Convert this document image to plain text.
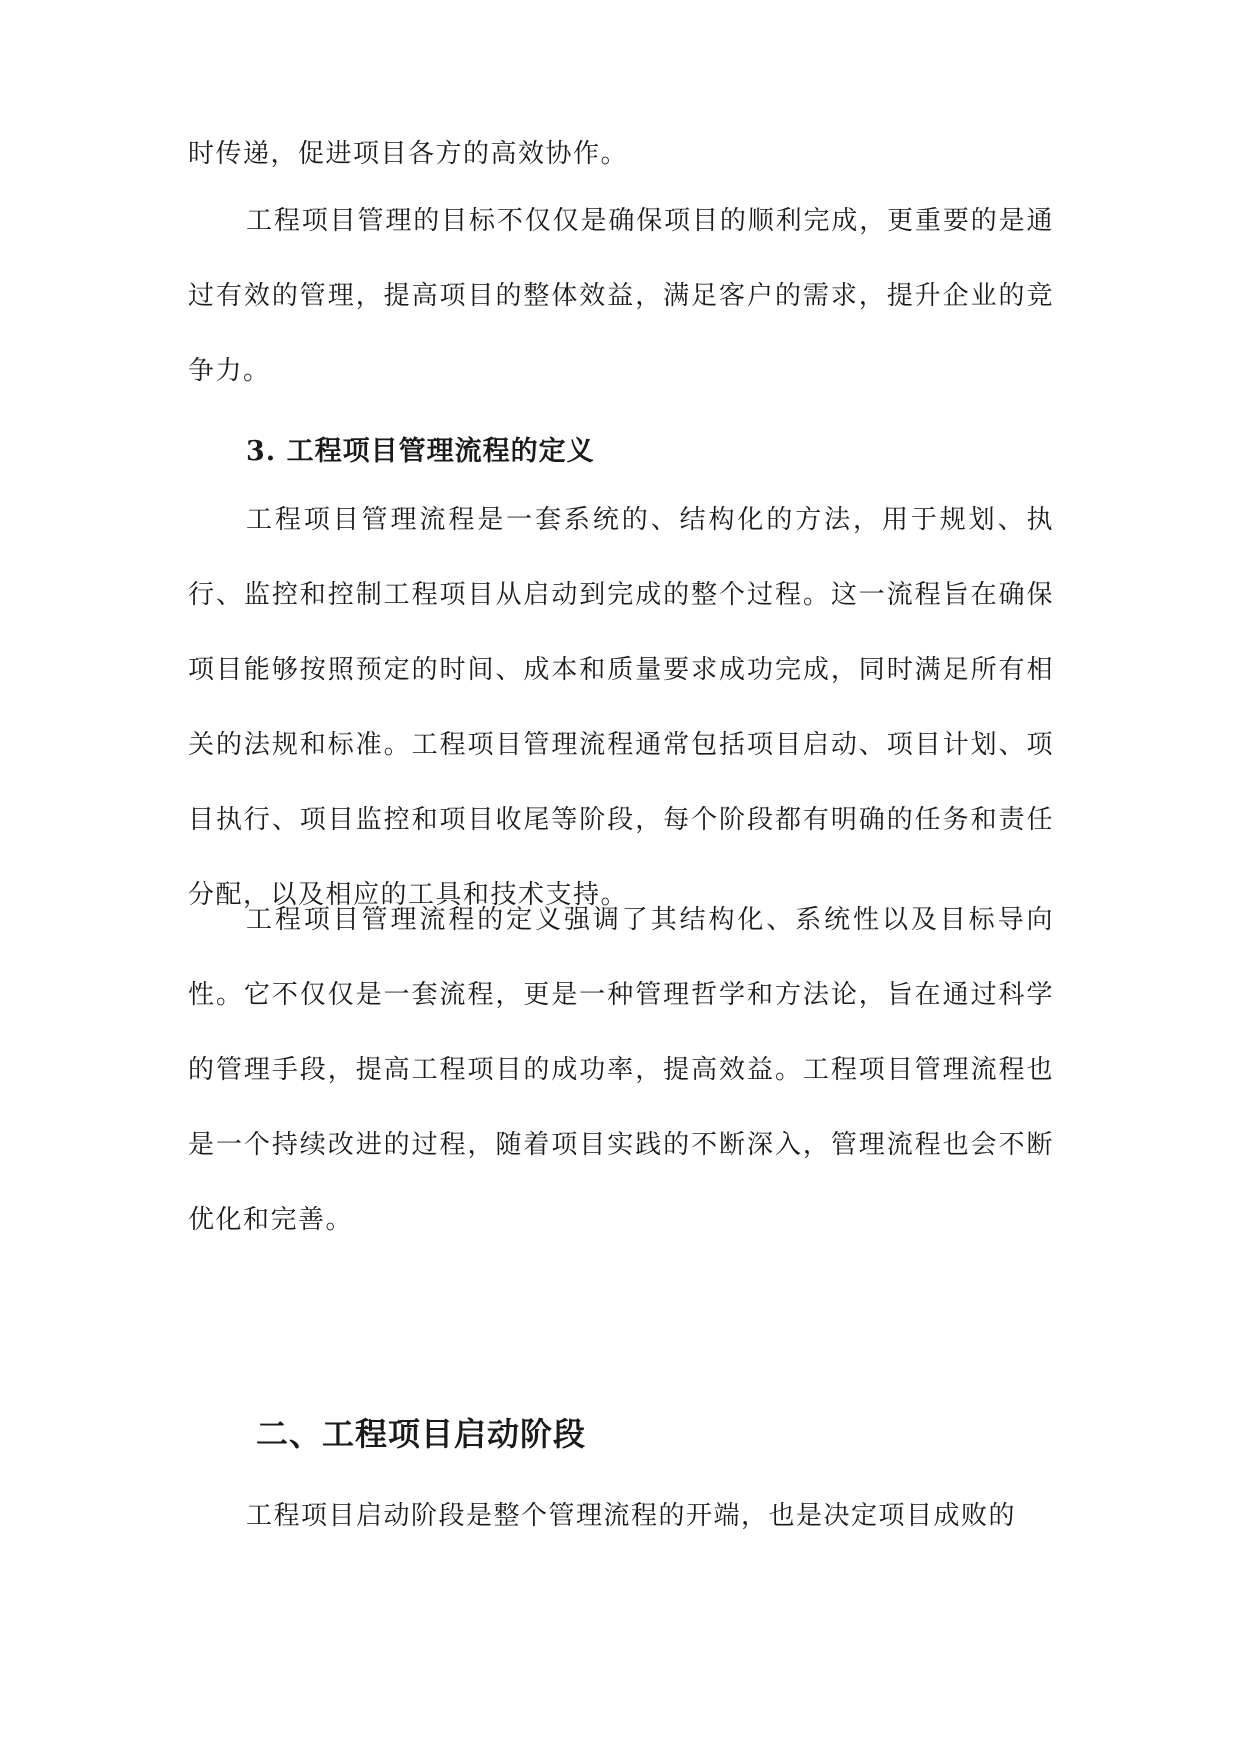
时传递，促进项目各方的高效协作。

工程项目管理的目标不仅仅是确保项目的顺利完成，更重要的是通过有效的管理，提高项目的整体效益，满足客户的需求，提升企业的竞争力。

3. 工程项目管理流程的定义

工程项目管理流程是一套系统的、结构化的方法，用于规划、执行、监控和控制工程项目从启动到完成的整个过程。这一流程旨在确保项目能够按照预定的时间、成本和质量要求成功完成，同时满足所有相关的法规和标准。工程项目管理流程通常包括项目启动、项目计划、项目执行、项目监控和项目收尾等阶段，每个阶段都有明确的任务和责任分配，以及相应的工具和技术支持。

工程项目管理流程的定义强调了其结构化、系统性以及目标导向性。它不仅仅是一套流程，更是一种管理哲学和方法论，旨在通过科学的管理手段，提高工程项目的成功率，提高效益。工程项目管理流程也是一个持续改进的过程，随着项目实践的不断深入，管理流程也会不断优化和完善。

二、工程项目启动阶段

工程项目启动阶段是整个管理流程的开端，也是决定项目成败的
